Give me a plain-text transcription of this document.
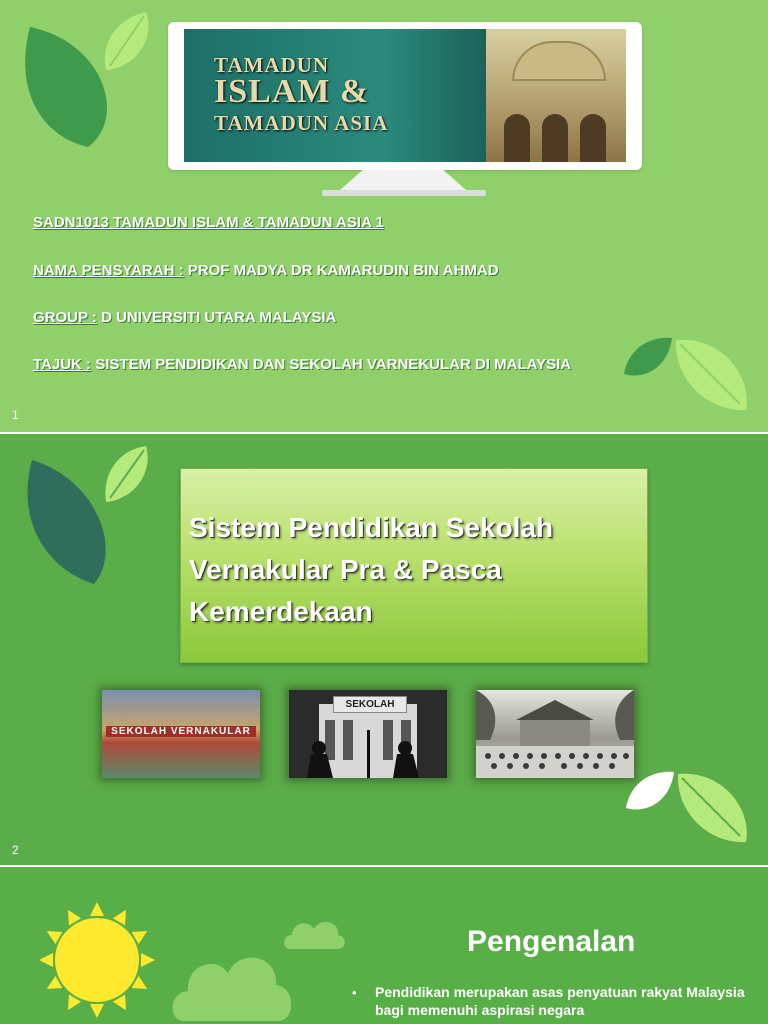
TAMADUN
ISLAM &
TAMADUN ASIA
SADN1013 TAMADUN ISLAM & TAMADUN ASIA 1
NAMA PENSYARAH : PROF MADYA DR KAMARUDIN BIN AHMAD
GROUP : D UNIVERSITI UTARA MALAYSIA
TAJUK : SISTEM PENDIDIKAN DAN SEKOLAH VARNEKULAR DI MALAYSIA
1
Sistem Pendidikan Sekolah Vernakular Pra & Pasca Kemerdekaan
SEKOLAH VERNAKULAR
SEKOLAH
2
Pengenalan
• Pendidikan merupakan asas penyatuan rakyat Malaysia bagi memenuhi aspirasi negara
